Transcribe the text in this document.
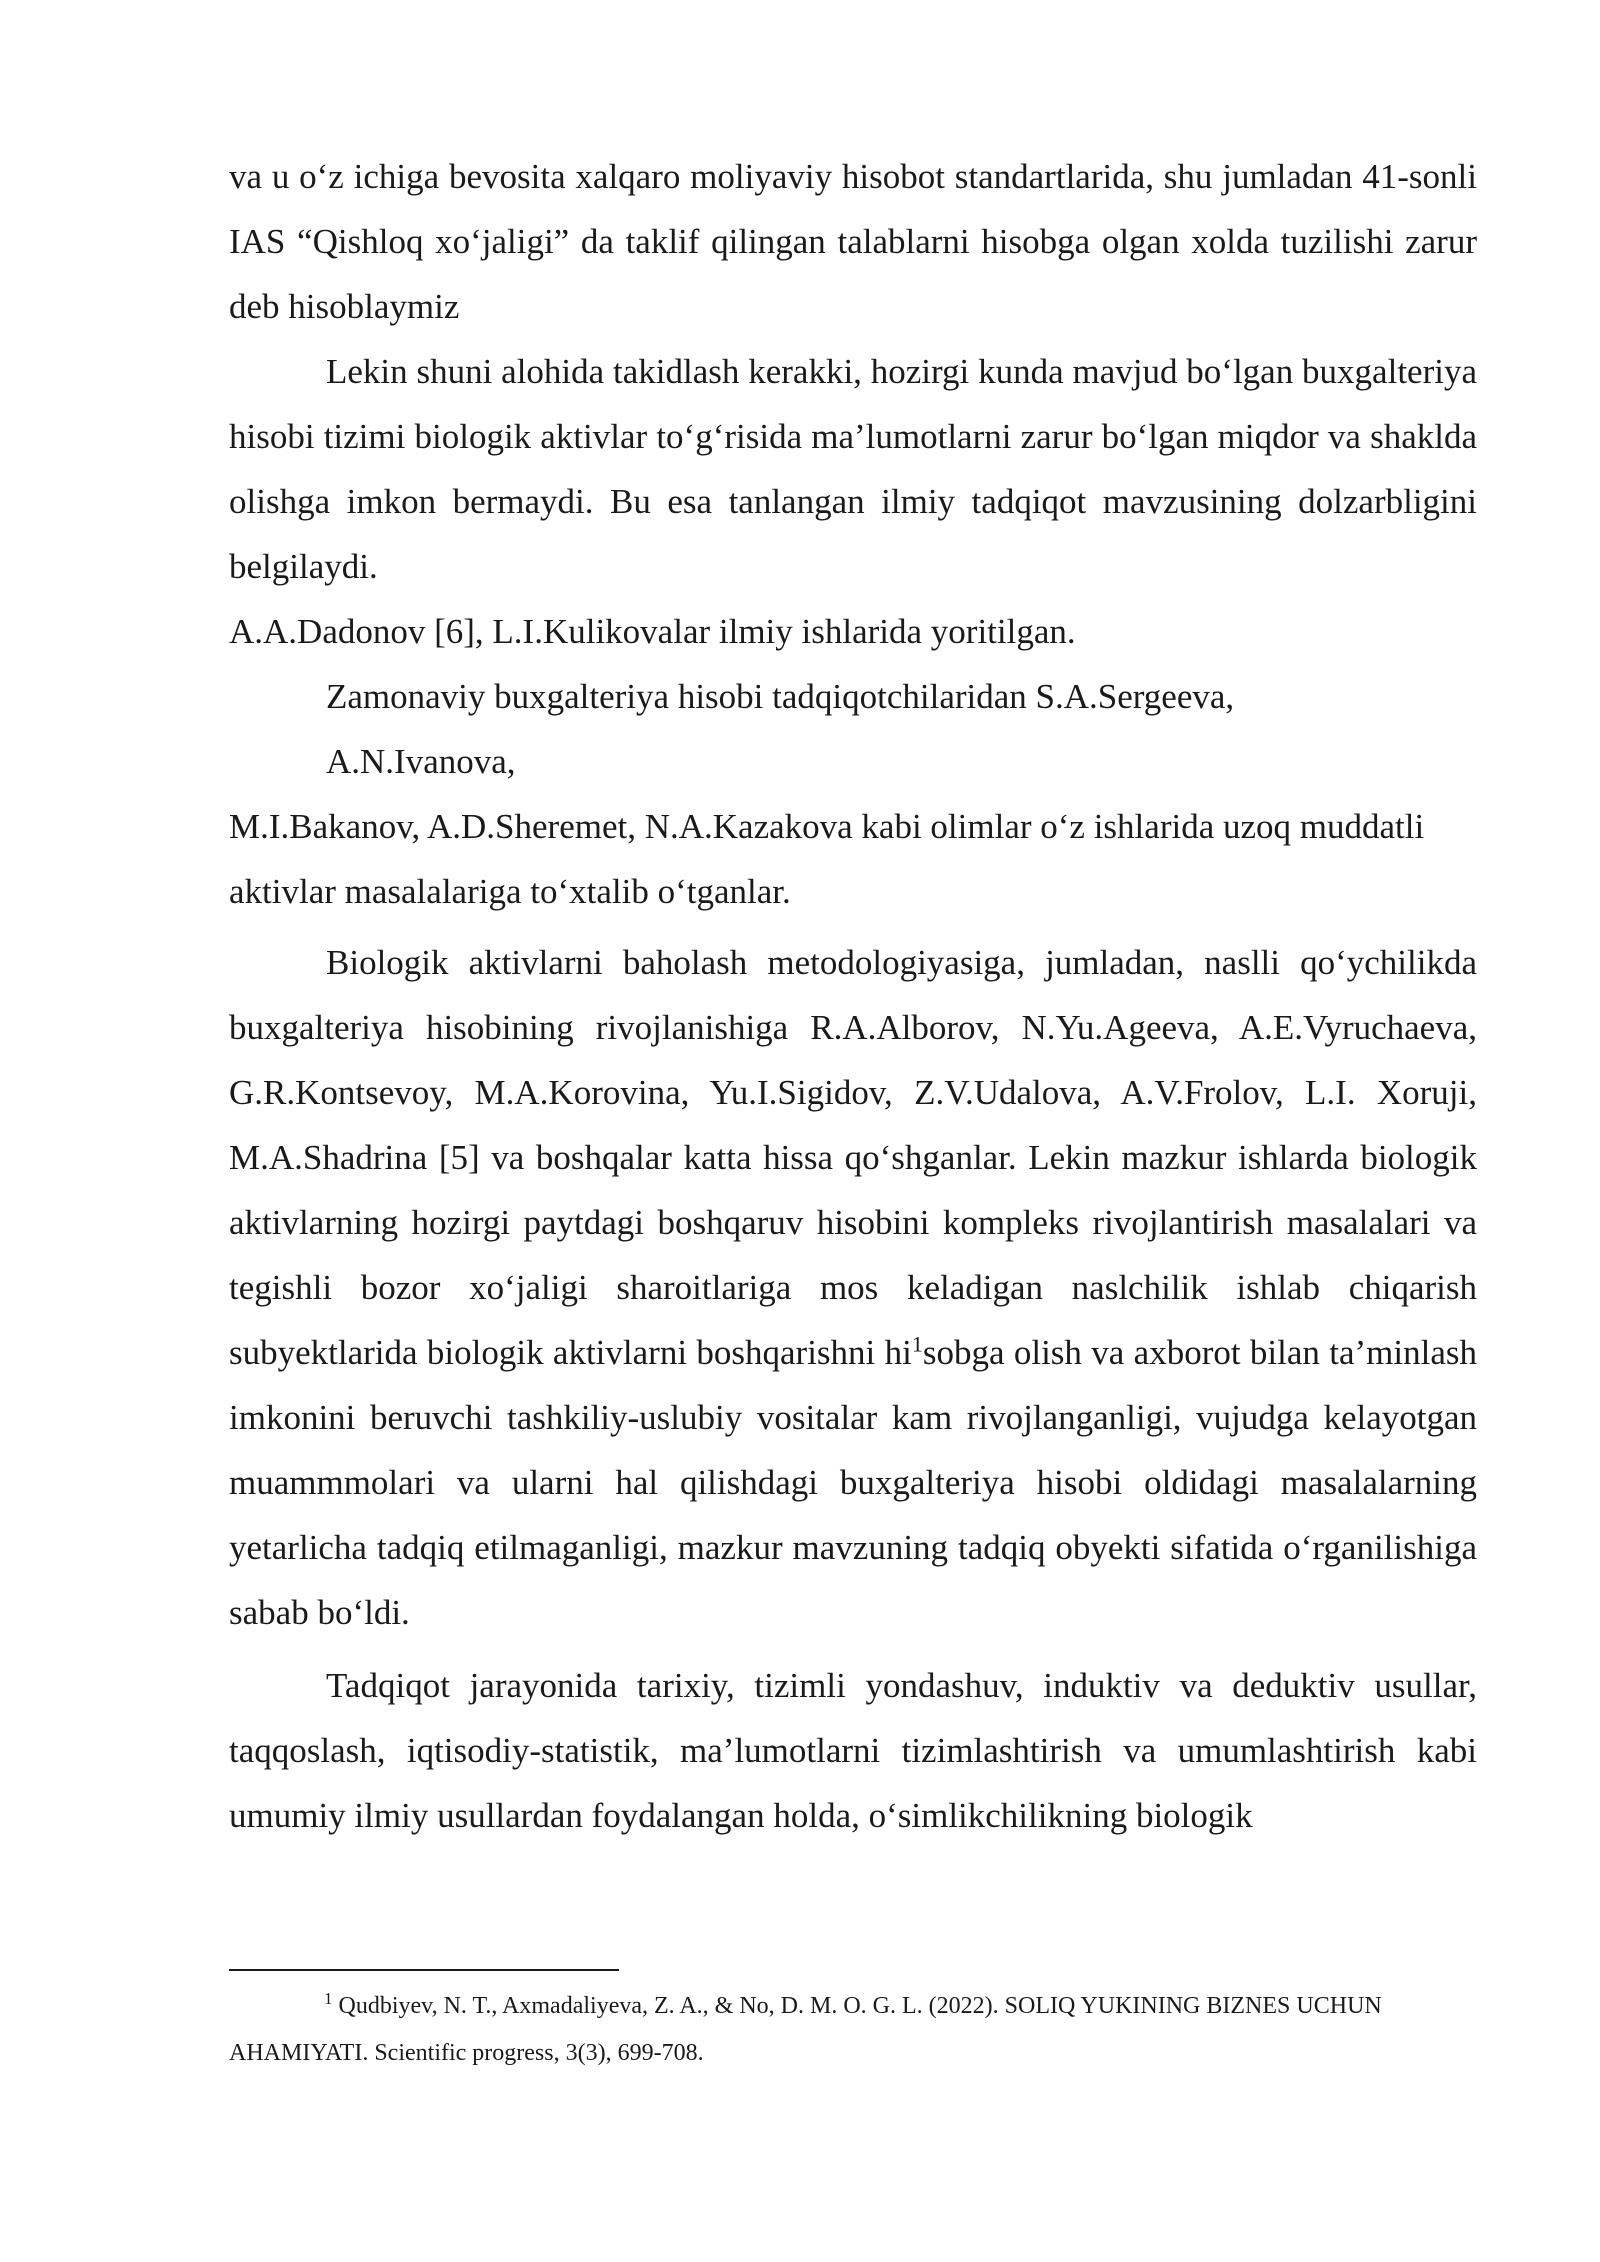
va u o‘z ichiga bevosita xalqaro moliyaviy hisobot standartlarida, shu jumladan 41-sonli IAS “Qishloq xo‘jaligi” da taklif qilingan talablarni hisobga olgan xolda tuzilishi zarur deb hisoblaymiz

Lekin shuni alohida takidlash kerakki, hozirgi kunda mavjud bo‘lgan buxgalteriya hisobi tizimi biologik aktivlar to‘g‘risida ma’lumotlarni zarur bo‘lgan miqdor va shaklda olishga imkon bermaydi. Bu esa tanlangan ilmiy tadqiqot mavzusining dolzarbligini belgilaydi.

A.A.Dadonov [6], L.I.Kulikovalar ilmiy ishlarida yoritilgan.

Zamonaviy buxgalteriya hisobi tadqiqotchilaridan S.A.Sergeeva,

A.N.Ivanova,

M.I.Bakanov, A.D.Sheremet, N.A.Kazakova kabi olimlar o‘z ishlarida uzoq muddatli aktivlar masalalariga to‘xtalib o‘tganlar.

Biologik aktivlarni baholash metodologiyasiga, jumladan, naslli qo‘ychilikda buxgalteriya hisobining rivojlanishiga R.A.Alborov, N.Yu.Ageeva, A.E.Vyruchaeva, G.R.Kontsevoy, M.A.Korovina, Yu.I.Sigidov, Z.V.Udalova, A.V.Frolov, L.I. Xoruji, M.A.Shadrina [5] va boshqalar katta hissa qo‘shganlar. Lekin mazkur ishlarda biologik aktivlarning hozirgi paytdagi boshqaruv hisobini kompleks rivojlantirish masalalari va tegishli bozor xo‘jaligi sharoitlariga mos keladigan naslchilik ishlab chiqarish subyektlarida biologik aktivlarni boshqarishni hi$^1$sobga olish va axborot bilan ta’minlash imkonini beruvchi tashkiliy-uslubiy vositalar kam rivojlanganligi, vujudga kelayotgan muammmolari va ularni hal qilishdagi buxgalteriya hisobi oldidagi masalalarning yetarlicha tadqiq etilmaganligi, mazkur mavzuning tadqiq obyekti sifatida o‘rganilishiga sabab bo‘ldi.

Tadqiqot jarayonida tarixiy, tizimli yondashuv, induktiv va deduktiv usullar, taqqoslash, iqtisodiy-statistik, ma’lumotlarni tizimlashtirish va umumlashtirish kabi umumiy ilmiy usullardan foydalangan holda, o‘simlikchilikning biologik

$^1$ Qudbiyev, N. T., Axmadaliyeva, Z. A., & No, D. M. O. G. L. (2022). SOLIQ YUKINING BIZNES UCHUN AHAMIYATI. Scientific progress, 3(3), 699-708.
